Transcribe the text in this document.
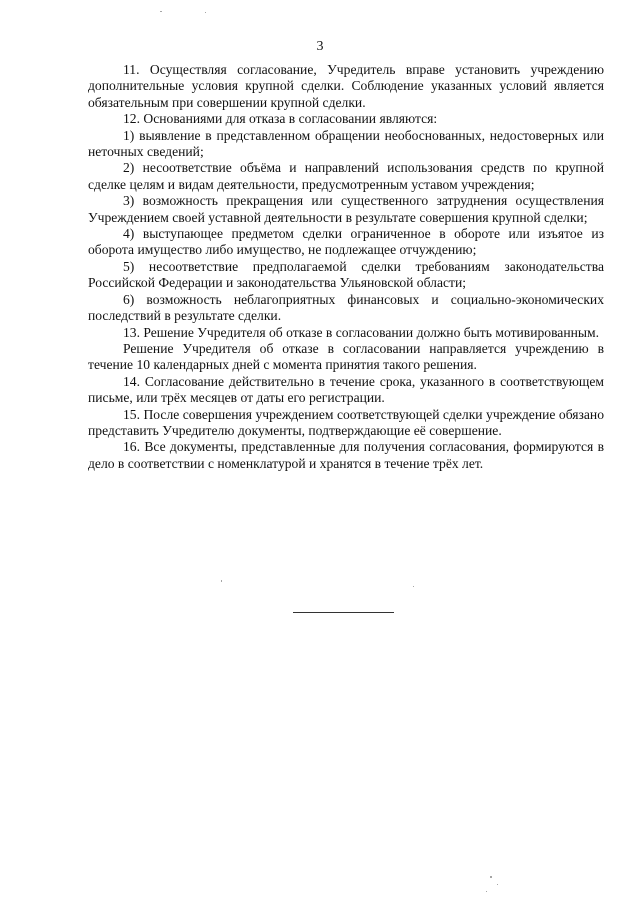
3

11. Осуществляя согласование, Учредитель вправе установить учреждению дополнительные условия крупной сделки. Соблюдение указанных условий является обязательным при совершении крупной сделки.

12. Основаниями для отказа в согласовании являются:

1) выявление в представленном обращении необоснованных, недостоверных или неточных сведений;

2) несоответствие объёма и направлений использования средств по крупной сделке целям и видам деятельности, предусмотренным уставом учреждения;

3) возможность прекращения или существенного затруднения осуществления Учреждением своей уставной деятельности в результате совершения крупной сделки;

4) выступающее предметом сделки ограниченное в обороте или изъятое из оборота имущество либо имущество, не подлежащее отчуждению;

5) несоответствие предполагаемой сделки требованиям законодательства Российской Федерации и законодательства Ульяновской области;

6) возможность неблагоприятных финансовых и социально-экономических последствий в результате сделки.

13. Решение Учредителя об отказе в согласовании должно быть мотивированным.

Решение Учредителя об отказе в согласовании направляется учреждению в течение 10 календарных дней с момента принятия такого решения.

14. Согласование действительно в течение срока, указанного в соответствующем письме, или трёх месяцев от даты его регистрации.

15. После совершения учреждением соответствующей сделки учреждение обязано представить Учредителю документы, подтверждающие её совершение.

16. Все документы, представленные для получения согласования, формируются в дело в соответствии с номенклатурой и хранятся в течение трёх лет.
